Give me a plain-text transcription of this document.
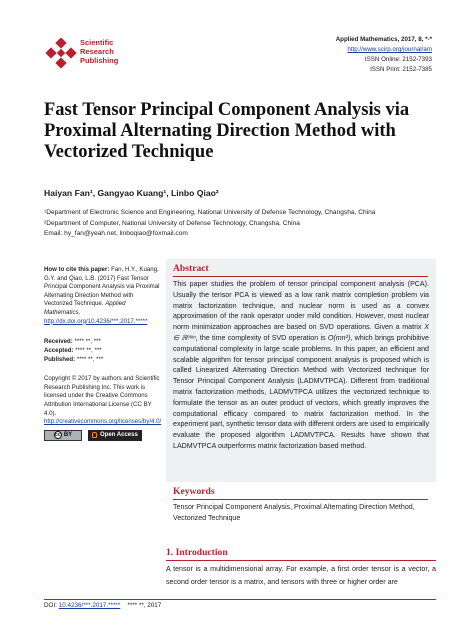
Scientific
Research
Publishing
Applied Mathematics, 2017, 8, *-*
http://www.scirp.org/journal/am
ISSN Online: 2152-7393
ISSN Print: 2152-7385
Fast Tensor Principal Component Analysis via Proximal Alternating Direction Method with Vectorized Technique
Haiyan Fan¹, Gangyao Kuang¹, Linbo Qiao²
¹Department of Electronic Science and Engineering, National University of Defense Technology, Changsha, China
²Department of Computer, National University of Defense Technology, Changsha, China
Email: hy_fan@yeah.net, linboqiao@foxmail.com
How to cite this paper: Fan, H.Y., Kuang, G.Y. and Qiao, L.B. (2017) Fast Tensor Principal Component Analysis via Proximal Alternating Direction Method with Vectorized Technique. Applied Mathematics,
http://dx.doi.org/10.4236/***.2017.*****
Received: **** **, ***
Accepted: **** **, ***
Published: **** **, ***
Copyright © 2017 by authors and Scientific Research Publishing Inc. This work is licensed under the Creative Commons Attribution International License (CC BY 4.0).
http://creativecommons.org/licenses/by/4.0/
cc BY	Open Access
Abstract

This paper studies the problem of tensor principal component analysis (PCA). Usually the tensor PCA is viewed as a low rank matrix completion problem via matrix factorization technique, and nuclear norm is used as a convex approximation of the rank operator under mild condition. However, most nuclear norm minimization approaches are based on SVD operations. Given a matrix X ∈ ℝᵐˣⁿ, the time complexity of SVD operation is O(mn²), which brings prohibitive computational complexity in large scale problems. In this paper, an efficient and scalable algorithm for tensor principal component analysis is proposed which is called Linearized Alternating Direction Method with Vectorized technique for Tensor Principal Component Analysis (LADMVTPCA). Different from traditional matrix factorization methods, LADMVTPCA utilizes the vectorized technique to formulate the tensor as an outer product of vectors, which greatly improves the computational efficacy compared to matrix factorization method. In the experiment part, synthetic tensor data with different orders are used to empirically evaluate the proposed algorithm LADMVTPCA. Results have shown that LADMVTPCA outperforms matrix factorization based method.

Keywords

Tensor Principal Component Analysis, Proximal Alternating Direction Method, Vectorized Technique

1. Introduction

A tensor is a multidimensional array. For example, a first order tensor is a vector, a second order tensor is a matrix, and tensors with three or higher order are

DOI: 10.4236/***.2017.***** **** **, 2017
